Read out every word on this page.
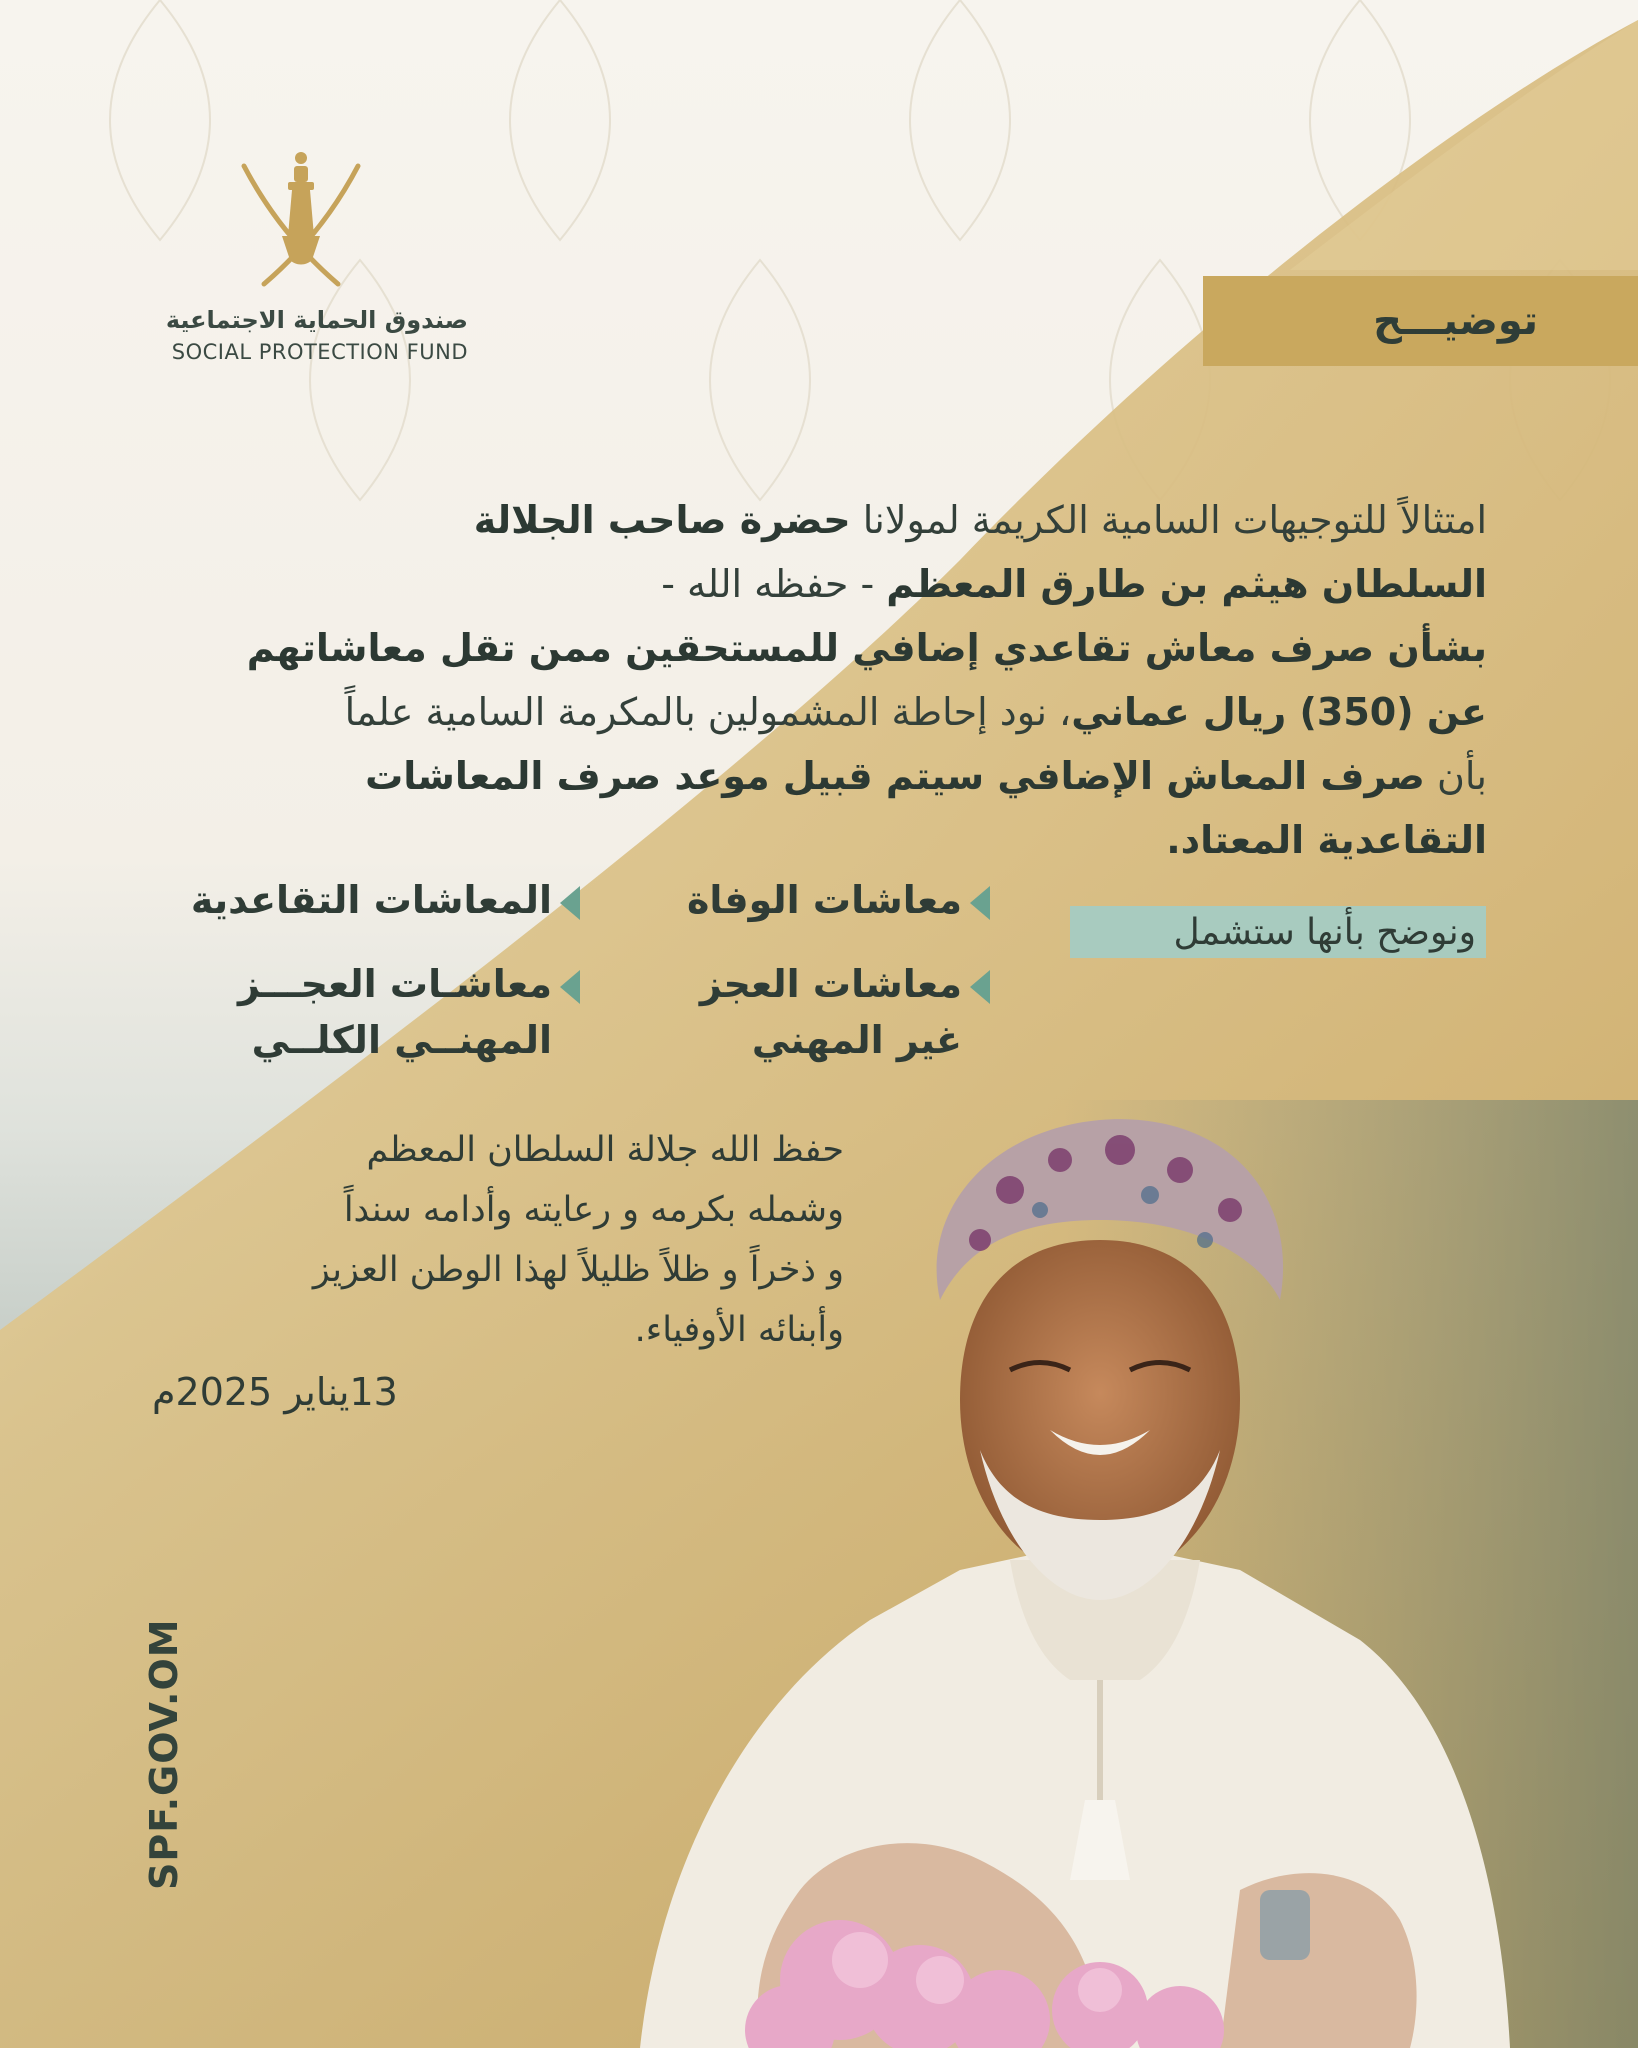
صندوق الحماية الاجتماعية
SOCIAL PROTECTION FUND
توضيـــح
امتثالاً للتوجيهات السامية الكريمة لمولانا حضرة صاحب الجلالة
السلطان هيثم بن طارق المعظم - حفظه الله -
بشأن صرف معاش تقاعدي إضافي للمستحقين ممن تقل معاشاتهم
عن (350) ريال عماني، نود إحاطة المشمولين بالمكرمة السامية علماً
بأن صرف المعاش الإضافي سيتم قبيل موعد صرف المعاشات
التقاعدية المعتاد.
ونوضح بأنها ستشمل
معاشات الوفاة
المعاشات التقاعدية
معاشات العجز
غير المهني
معاشـات العجـــز
المهنــي الكلــي
حفظ الله جلالة السلطان المعظم
وشمله بكرمه و رعايته وأدامه سنداً
و ذخراً و ظلاً ظليلاً لهذا الوطن العزيز
وأبنائه الأوفياء.
13يناير 2025م
SPF.GOV.OM
